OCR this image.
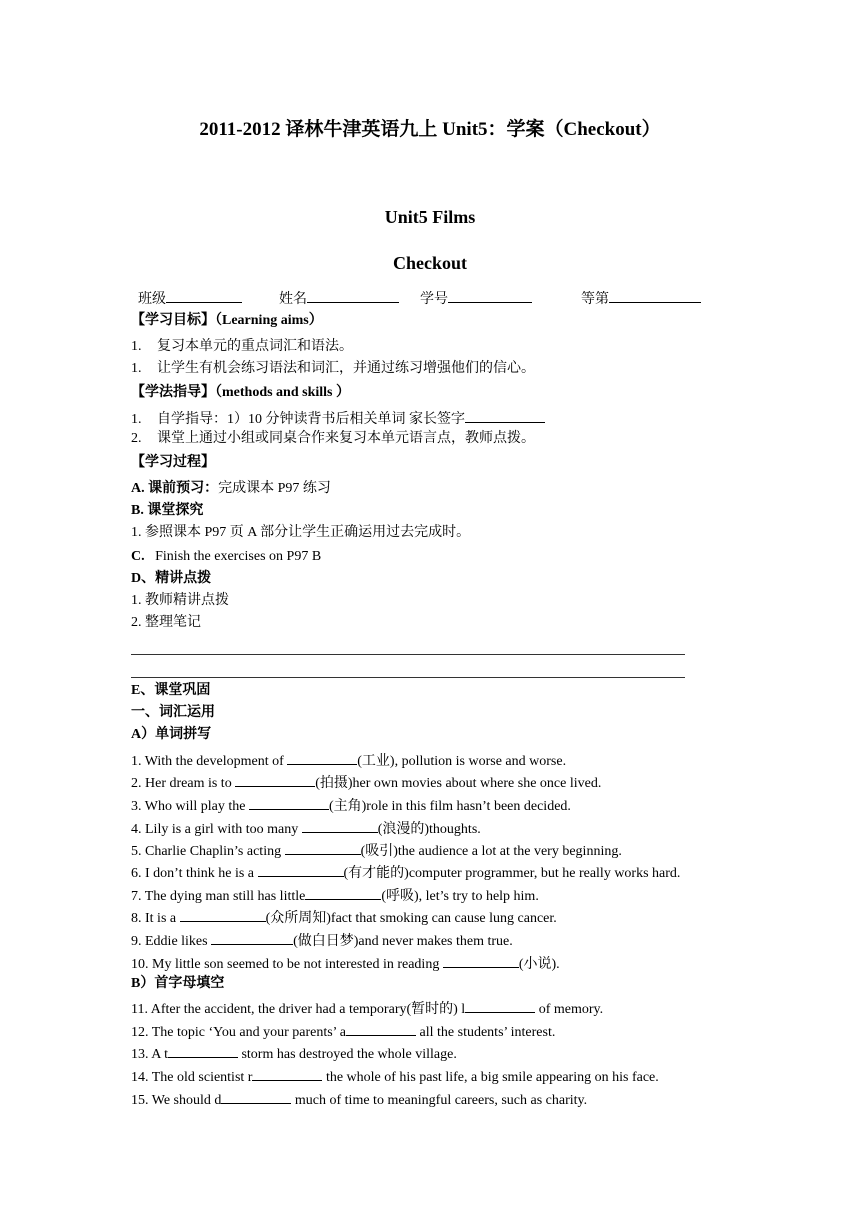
2011-2012 译林牛津英语九上 Unit5：学案（Checkout）
Unit5 Films
Checkout
班级	姓名	学号	等第
【学习目标】（Learning aims）
1. 复习本单元的重点词汇和语法。
1. 让学生有机会练习语法和词汇，并通过练习增强他们的信心。
【学法指导】（methods and skills ）
1. 自学指导：1）10 分钟读背书后相关单词 家长签字
2. 课堂上通过小组或同桌合作来复习本单元语言点，教师点拨。
【学习过程】
A. 课前预习：完成课本 P97 练习
B. 课堂探究
1. 参照课本 P97 页 A 部分让学生正确运用过去完成时。
C. Finish the exercises on P97 B
D、精讲点拨
1. 教师精讲点拨
2. 整理笔记
E、课堂巩固
一、词汇运用
A）单词拼写
1. With the development of	(工业), pollution is worse and worse.
2. Her dream is to	(拍摄)her own movies about where she once lived.
3. Who will play the	(主角)role in this film hasn’t been decided.
4. Lily is a girl with too many	(浪漫的)thoughts.
5. Charlie Chaplin’s acting	(吸引)the audience a lot at the very beginning.
6. I don’t think he is a	(有才能的)computer programmer, but he really works hard.
7. The dying man still has little	(呼吸), let’s try to help him.
8. It is a	(众所周知)fact that smoking can cause lung cancer.
9. Eddie likes	(做白日梦)and never makes them true.
10. My little son seemed to be not interested in reading	(小说).
B）首字母填空
11. After the accident, the driver had a temporary(暂时的) l	of memory.
12. The topic ‘You and your parents’ a	all the students’ interest.
13. A t	storm has destroyed the whole village.
14. The old scientist r	the whole of his past life, a big smile appearing on his face.
15. We should d	much of time to meaningful careers, such as charity.
